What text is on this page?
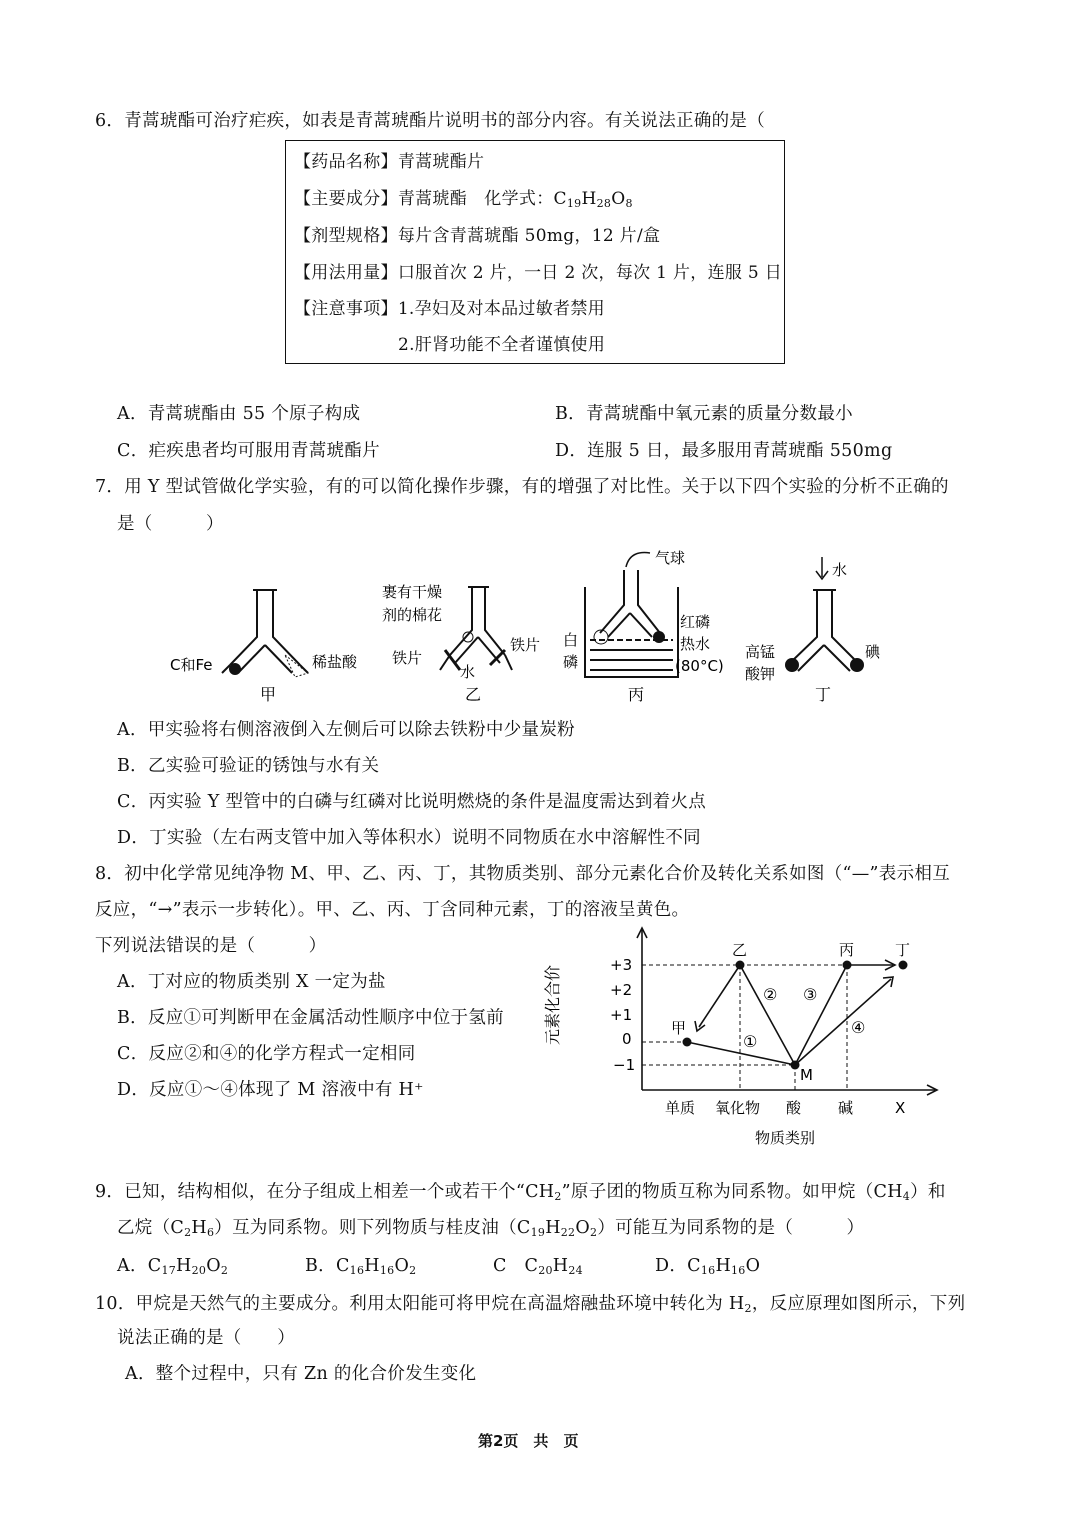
6．青蒿琥酯可治疗疟疾，如表是青蒿琥酯片说明书的部分内容。有关说法正确的是（
【药品名称】青蒿琥酯片
【主要成分】青蒿琥酯　化学式：$C_{19}H_{28}O_8$
【剂型规格】每片含青蒿琥酯 50mg，12 片/盒
【用法用量】口服首次 2 片，一日 2 次，每次 1 片，连服 5 日
【注意事项】1.孕妇及对本品过敏者禁用
2.肝肾功能不全者谨慎使用
A．青蒿琥酯由 55 个原子构成	B．青蒿琥酯中氧元素的质量分数最小
C．疟疾患者均可服用青蒿琥酯片	D．连服 5 日，最多服用青蒿琥酯 550mg
7．用 Y 型试管做化学实验，有的可以简化操作步骤，有的增强了对比性。关于以下四个实验的分析不正确的
是（　　　）
C和Fe	稀盐酸
甲
裹有干燥
剂的棉花
铁片
铁片
水
乙
气球
白
磷
红磷
热水
(80°C)
丙
水
高锰
酸钾
碘
丁
A．甲实验将右侧溶液倒入左侧后可以除去铁粉中少量炭粉
B．乙实验可验证的锈蚀与水有关
C．丙实验 Y 型管中的白磷与红磷对比说明燃烧的条件是温度需达到着火点
D．丁实验（左右两支管中加入等体积水）说明不同物质在水中溶解性不同
8．初中化学常见纯净物 M、甲、乙、丙、丁，其物质类别、部分元素化合价及转化关系如图（“—”表示相互
反应，“→”表示一步转化）。甲、乙、丙、丁含同种元素，丁的溶液呈黄色。
下列说法错误的是（　　　）
A．丁对应的物质类别 X 一定为盐
B．反应①可判断甲在金属活动性顺序中位于氢前
C．反应②和④的化学方程式一定相同
D．反应①～④体现了 M 溶液中有 H⁺
元素化合价	+3
+2
+1
0
−1
单质 氧化物 酸 碱	X
物质类别
甲
乙	丙	丁
M
①
② ③
④
9．已知，结构相似，在分子组成上相差一个或若干个“$CH_2$”原子团的物质互称为同系物。如甲烷$(CH_4)$和
乙烷$(C_2H_6)$互为同系物。则下列物质与桂皮油$(C_{19}H_{22}O_2)$可能互为同系物的是（　　　）
A．$C_{17}H_{20}O_2$	B．$C_{16}H_{16}O_2$	C　$C_{20}H_{24}$	D．$C_{16}H_{16}O$
10．甲烷是天然气的主要成分。利用太阳能可将甲烷在高温熔融盐环境中转化为 $H_2$，反应原理如图所示，下列
说法正确的是（　　）
A．整个过程中，只有 Zn 的化合价发生变化
第2页　共　页
